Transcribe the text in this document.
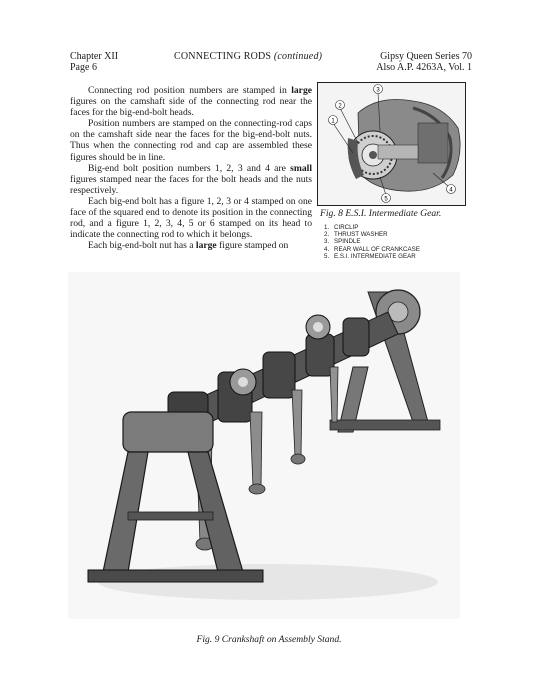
Chapter XII
Page 6
CONNECTING RODS (continued)	Gipsy Queen Series 70
Also A.P. 4263A, Vol. 1

Connecting rod position numbers are stamped in large figures on the camshaft side of the connecting rod near the faces for the big-end-bolt heads.

Position numbers are stamped on the connecting-rod caps on the camshaft side near the faces for the big-end-bolt nuts. Thus when the connecting rod and cap are assembled these figures should be in line.

Big-end bolt position numbers 1, 2, 3 and 4 are small figures stamped near the faces for the bolt heads and the nuts respectively.

Each big-end bolt has a figure 1, 2, 3 or 4 stamped on one face of the squared end to denote its position in the connecting rod, and a figure 1, 2, 3, 4, 5 or 6 stamped on its head to indicate the connecting rod to which it belongs.

Each big-end-bolt nut has a large figure stamped on

3
2
1
4
5
Fig. 8 E.S.I. Intermediate Gear.
1. CIRCLIP
2. THRUST WASHER
3. SPINDLE
4. REAR WALL OF CRANKCASE
5. E.S.I. INTERMEDIATE GEAR
Fig. 9 Crankshaft on Assembly Stand.
